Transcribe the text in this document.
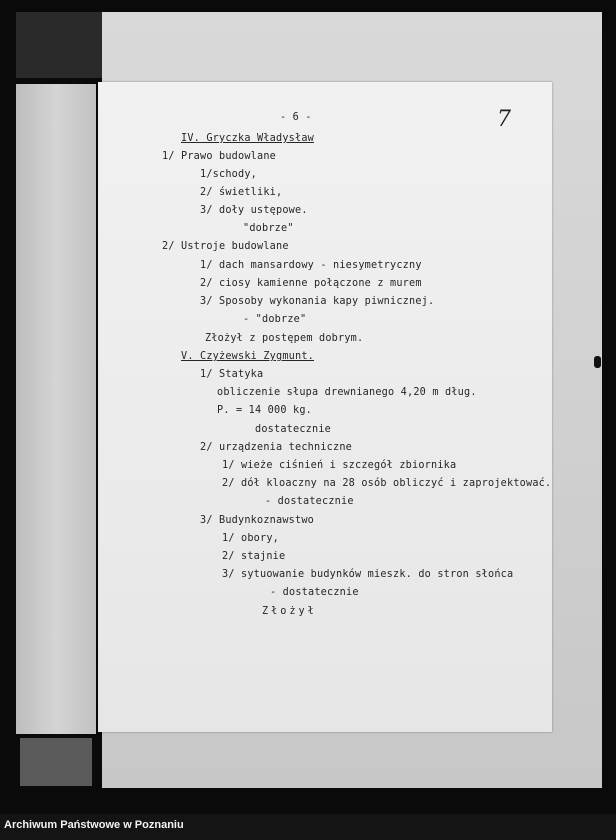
- 6 -	7
IV. Gryczka Władysław
1/ Prawo budowlane
1/schody,
2/ świetliki,
3/ doły ustępowe.
"dobrze"
2/ Ustroje budowlane
1/ dach mansardowy - niesymetryczny
2/ ciosy kamienne połączone z murem
3/ Sposoby wykonania kapy piwnicznej.
- "dobrze"
Złożył z postępem dobrym.
V. Czyżewski Zygmunt.
1/ Statyka
obliczenie słupa drewnianego 4,20 m dług.
P. = 14 000 kg.
dostatecznie
2/ urządzenia techniczne
1/ wieże ciśnień i szczegół zbiornika
2/ dół kloaczny na 28 osób obliczyć i zaprojektować.
- dostatecznie
3/ Budynkoznawstwo
1/ obory,
2/ stajnie
3/ sytuowanie budynków mieszk. do stron słońca
- dostatecznie
Złożył
Archiwum Państwowe w Poznaniu
